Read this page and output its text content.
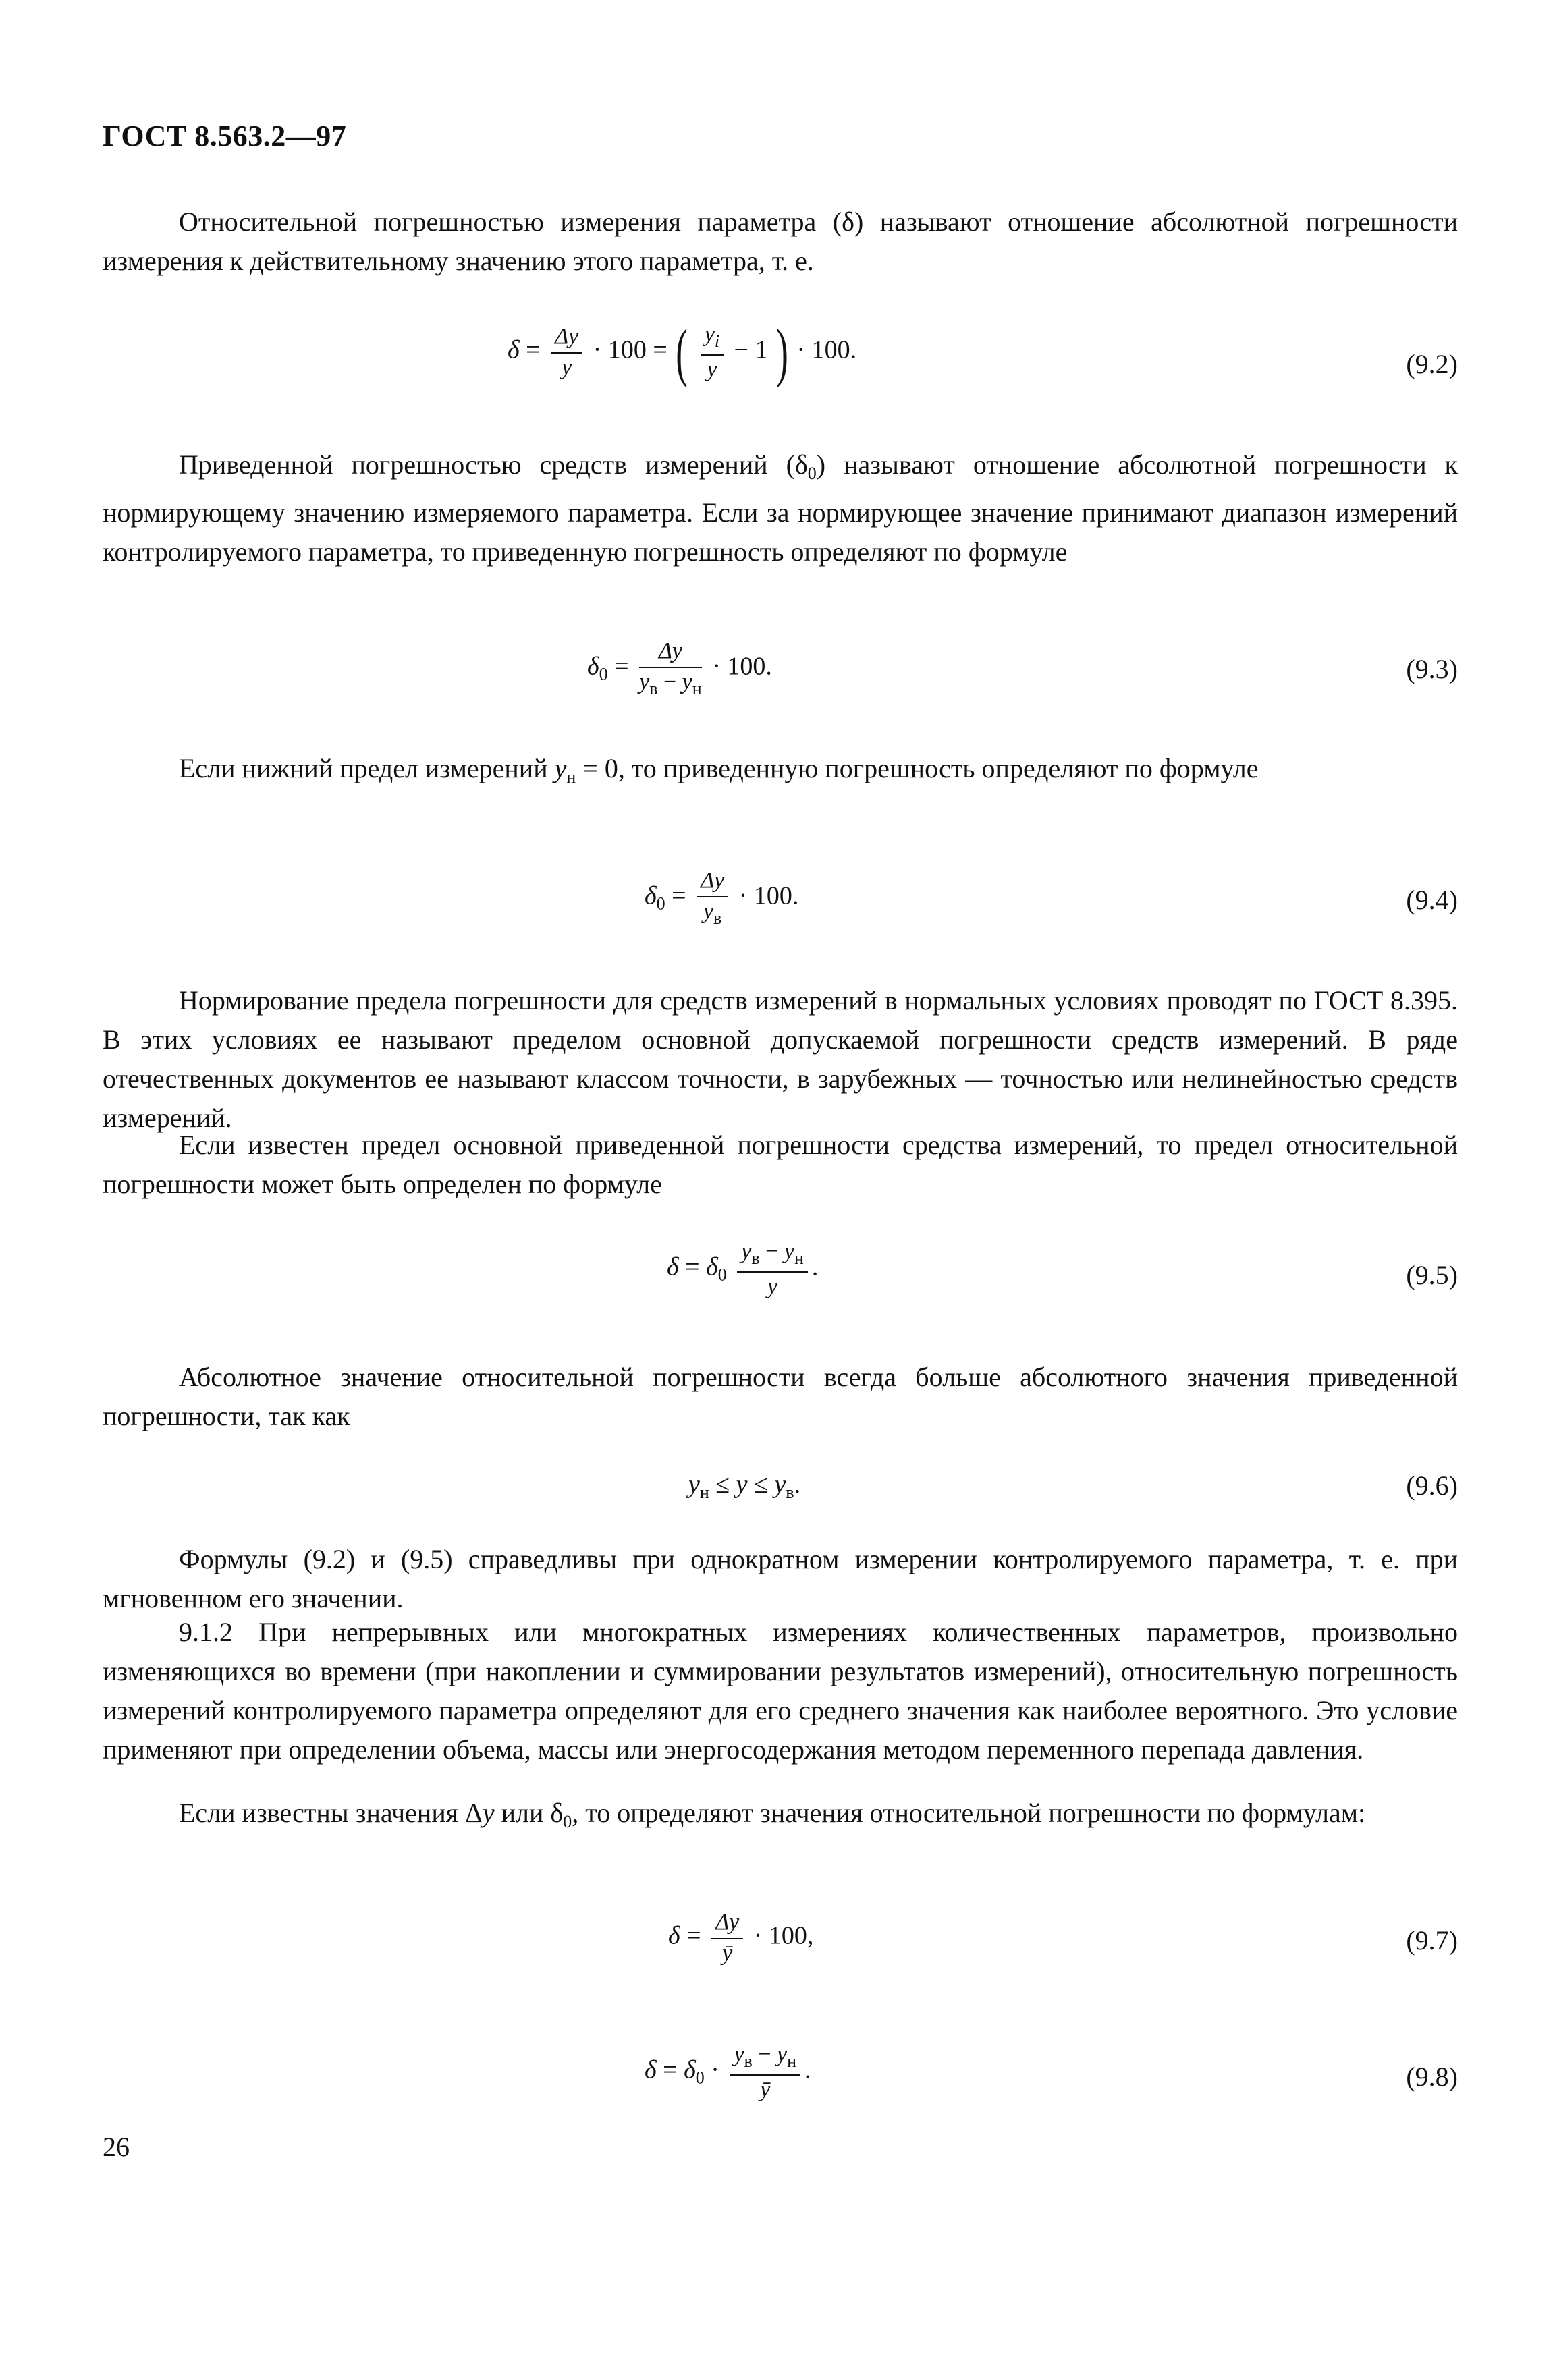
ГОСТ 8.563.2—97
Относительной погрешностью измерения параметра (δ) называют отношение абсолютной погрешности измерения к действительному значению этого параметра, т. е.
$\delta = \frac{\Delta y}{y} \cdot 100$ = ( $\frac{y_i}{y} - 1$ ) · 100.	(9.2)
Приведенной погрешностью средств измерений $(\delta_0)$ называют отношение абсолютной погрешности к нормирующему значению измеряемого параметра. Если за нормирующее значение принимают диапазон измерений контролируемого параметра, то приведенную погрешность определяют по формуле
$\delta_0 = \frac{\Delta y}{y_в - y_н} \cdot 100$.	(9.3)
Если нижний предел измерений $y_н = 0$, то приведенную погрешность определяют по формуле
$\delta_0 = \frac{\Delta y}{y_в} \cdot 100$.	(9.4)
Нормирование предела погрешности для средств измерений в нормальных условиях проводят по ГОСТ 8.395. В этих условиях ее называют пределом основной допускаемой погрешности средств измерений. В ряде отечественных документов ее называют классом точности, в зарубежных — точностью или нелинейностью средств измерений.
Если известен предел основной приведенной погрешности средства измерений, то предел относительной погрешности может быть определен по формуле
$\delta = \delta_0 \frac{y_в - y_н}{y}$ .	(9.5)
Абсолютное значение относительной погрешности всегда больше абсолютного значения приведенной погрешности, так как
$y_н \le y \le y_в$.	(9.6)
Формулы (9.2) и (9.5) справедливы при однократном измерении контролируемого параметра, т. е. при мгновенном его значении.
9.1.2 При непрерывных или многократных измерениях количественных параметров, произвольно изменяющихся во времени (при накоплении и суммировании результатов измерений), относительную погрешность измерений контролируемого параметра определяют для его среднего значения как наиболее вероятного. Это условие применяют при определении объема, массы или энергосодержания методом переменного перепада давления.
Если известны значения Δy или $\delta_0$, то определяют значения относительной погрешности по формулам:
$\delta = \frac{\Delta y}{ȳ} \cdot 100$,	(9.7)
$\delta = \delta_0 \cdot \frac{y_в - y_н}{ȳ}$ .	(9.8)
26
